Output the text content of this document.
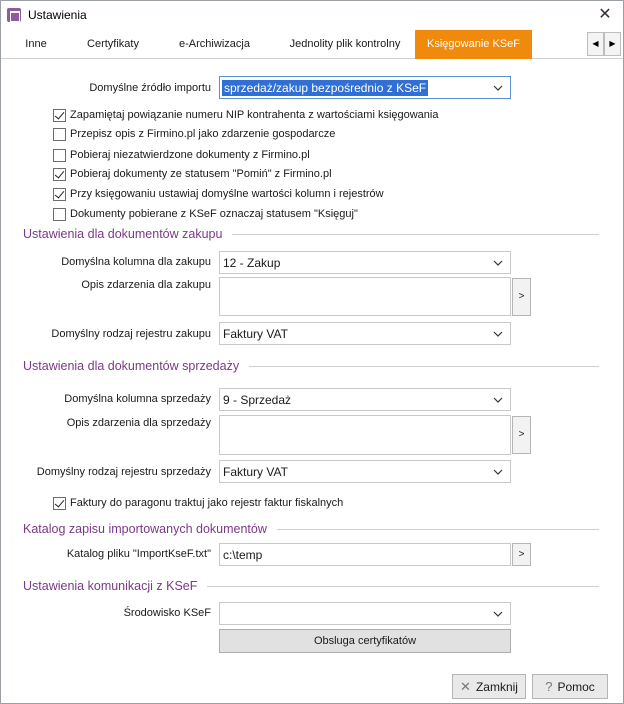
Ustawienia	✕
Inne	Certyfikaty	e-Archiwizacja	Jednolity plik kontrolny	Księgowanie KSeF	◀	▶
Domyślne źródło importu sprzedaż/zakup bezpośrednio z KSeF
Zapamiętaj powiązanie numeru NIP kontrahenta z wartościami księgowania
Przepisz opis z Firmino.pl jako zdarzenie gospodarcze
Pobieraj niezatwierdzone dokumenty z Firmino.pl
Pobieraj dokumenty ze statusem "Pomiń" z Firmino.pl
Przy księgowaniu ustawiaj domyślne wartości kolumn i rejestrów
Dokumenty pobierane z KSeF oznaczaj statusem "Księguj"
Ustawienia dla dokumentów zakupu
Domyślna kolumna dla zakupu 12 - Zakup
Opis zdarzenia dla zakupu
>
Domyślny rodzaj rejestru zakupu Faktury VAT
Ustawienia dla dokumentów sprzedaży
Domyślna kolumna sprzedaży 9 - Sprzedaż
Opis zdarzenia dla sprzedaży
>
Domyślny rodzaj rejestru sprzedaży Faktury VAT
Faktury do paragonu traktuj jako rejestr faktur fiskalnych
Katalog zapisu importowanych dokumentów
Katalog pliku "ImportKseF.txt" c:\temp	>
Ustawienia komunikacji z KSeF
Środowisko KSeF
Obsluga certyfikatów
✕ Zamknij ? Pomoc
